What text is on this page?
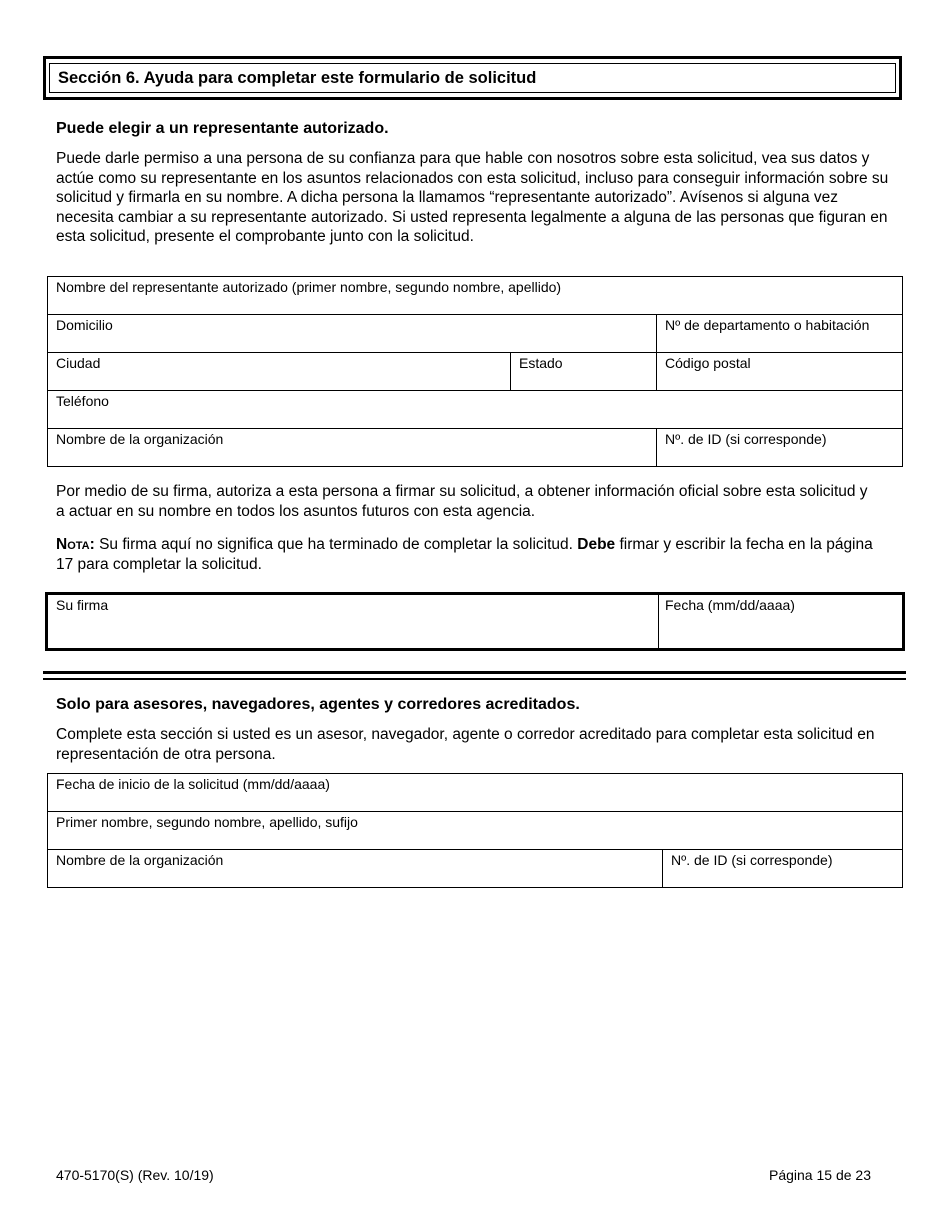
Sección 6. Ayuda para completar este formulario de solicitud
Puede elegir a un representante autorizado.
Puede darle permiso a una persona de su confianza para que hable con nosotros sobre esta solicitud, vea sus datos y actúe como su representante en los asuntos relacionados con esta solicitud, incluso para conseguir información sobre su solicitud y firmarla en su nombre. A dicha persona la llamamos “representante autorizado”. Avísenos si alguna vez necesita cambiar a su representante autorizado. Si usted representa legalmente a alguna de las personas que figuran en esta solicitud, presente el comprobante junto con la solicitud.
Nombre del representante autorizado (primer nombre, segundo nombre, apellido)
Domicilio	Nº de departamento o habitación
Ciudad	Estado	Código postal
Teléfono
Nombre de la organización	Nº. de ID (si corresponde)
Por medio de su firma, autoriza a esta persona a firmar su solicitud, a obtener información oficial sobre esta solicitud y a actuar en su nombre en todos los asuntos futuros con esta agencia.
Nota: Su firma aquí no significa que ha terminado de completar la solicitud. Debe firmar y escribir la fecha en la página 17 para completar la solicitud.
Su firma	Fecha (mm/dd/aaaa)
Solo para asesores, navegadores, agentes y corredores acreditados.
Complete esta sección si usted es un asesor, navegador, agente o corredor acreditado para completar esta solicitud en representación de otra persona.
Fecha de inicio de la solicitud (mm/dd/aaaa)
Primer nombre, segundo nombre, apellido, sufijo
Nombre de la organización	Nº. de ID (si corresponde)
470-5170(S) (Rev. 10/19)	Página 15 de 23
